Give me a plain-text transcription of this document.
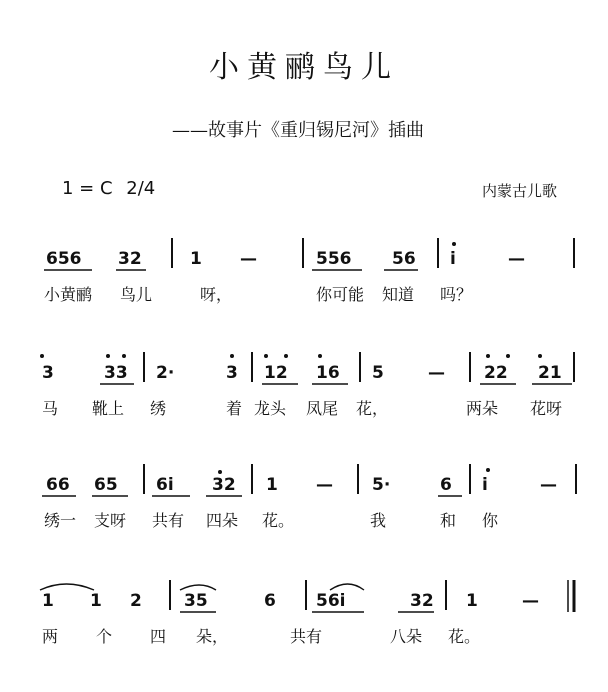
小黄鹂鸟儿
——故事片《重归锡尼河》插曲
1 = C 2/4	内蒙古儿歌
656 32	1 —	556 56 i	—
小黄鹂 鸟儿	呀，	你可能 知道 吗？
3	33 2·	3 12 16 5	— 22 21
马 靴上 绣	着 龙头 凤尾 花，	两朵 花呀
66 65 6i 32 1 — 5·	6 i	—
绣一 支呀 共有 四朵 花。	我	和 你
1 1 2 35	6 56i	32 1	—
两 个 四 朵，	共有	八朵 花。
